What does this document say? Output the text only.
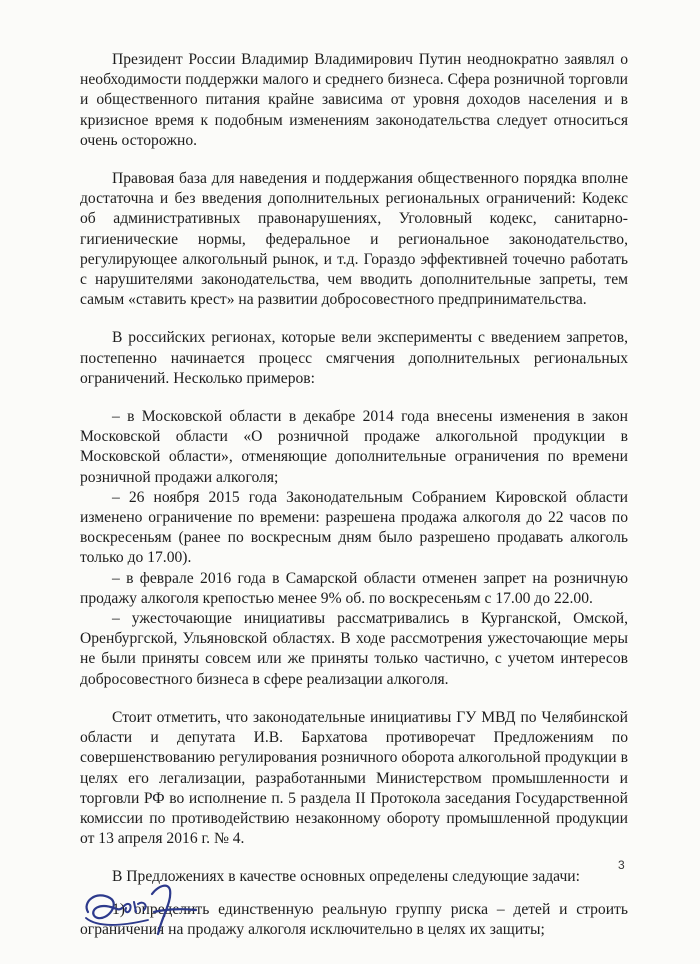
Президент России Владимир Владимирович Путин неоднократно заявлял о необходимости поддержки малого и среднего бизнеса. Сфера розничной торговли и общественного питания крайне зависима от уровня доходов населения и в кризисное время к подобным изменениям законодательства следует относиться очень осторожно.

Правовая база для наведения и поддержания общественного порядка вполне достаточна и без введения дополнительных региональных ограничений: Кодекс об административных правонарушениях, Уголовный кодекс, санитарно-гигиенические нормы, федеральное и региональное законодательство, регулирующее алкогольный рынок, и т.д. Гораздо эффективней точечно работать с нарушителями законодательства, чем вводить дополнительные запреты, тем самым «ставить крест» на развитии добросовестного предпринимательства.

В российских регионах, которые вели эксперименты с введением запретов, постепенно начинается процесс смягчения дополнительных региональных ограничений. Несколько примеров:

– в Московской области в декабре 2014 года внесены изменения в закон Московской области «О розничной продаже алкогольной продукции в Московской области», отменяющие дополнительные ограничения по времени розничной продажи алкоголя;

– 26 ноября 2015 года Законодательным Собранием Кировской области изменено ограничение по времени: разрешена продажа алкоголя до 22 часов по воскресеньям (ранее по воскресным дням было разрешено продавать алкоголь только до 17.00).

– в феврале 2016 года в Самарской области отменен запрет на розничную продажу алкоголя крепостью менее 9% об. по воскресеньям с 17.00 до 22.00.

– ужесточающие инициативы рассматривались в Курганской, Омской, Оренбургской, Ульяновской областях. В ходе рассмотрения ужесточающие меры не были приняты совсем или же приняты только частично, с учетом интересов добросовестного бизнеса в сфере реализации алкоголя.

Стоит отметить, что законодательные инициативы ГУ МВД по Челябинской области и депутата И.В. Бархатова противоречат Предложениям по совершенствованию регулирования розничного оборота алкогольной продукции в целях его легализации, разработанными Министерством промышленности и торговли РФ во исполнение п. 5 раздела II Протокола заседания Государственной комиссии по противодействию незаконному обороту промышленной продукции от 13 апреля 2016 г. № 4.

В Предложениях в качестве основных определены следующие задачи:

1) определить единственную реальную группу риска – детей и строить ограничения на продажу алкоголя исключительно в целях их защиты;

3
